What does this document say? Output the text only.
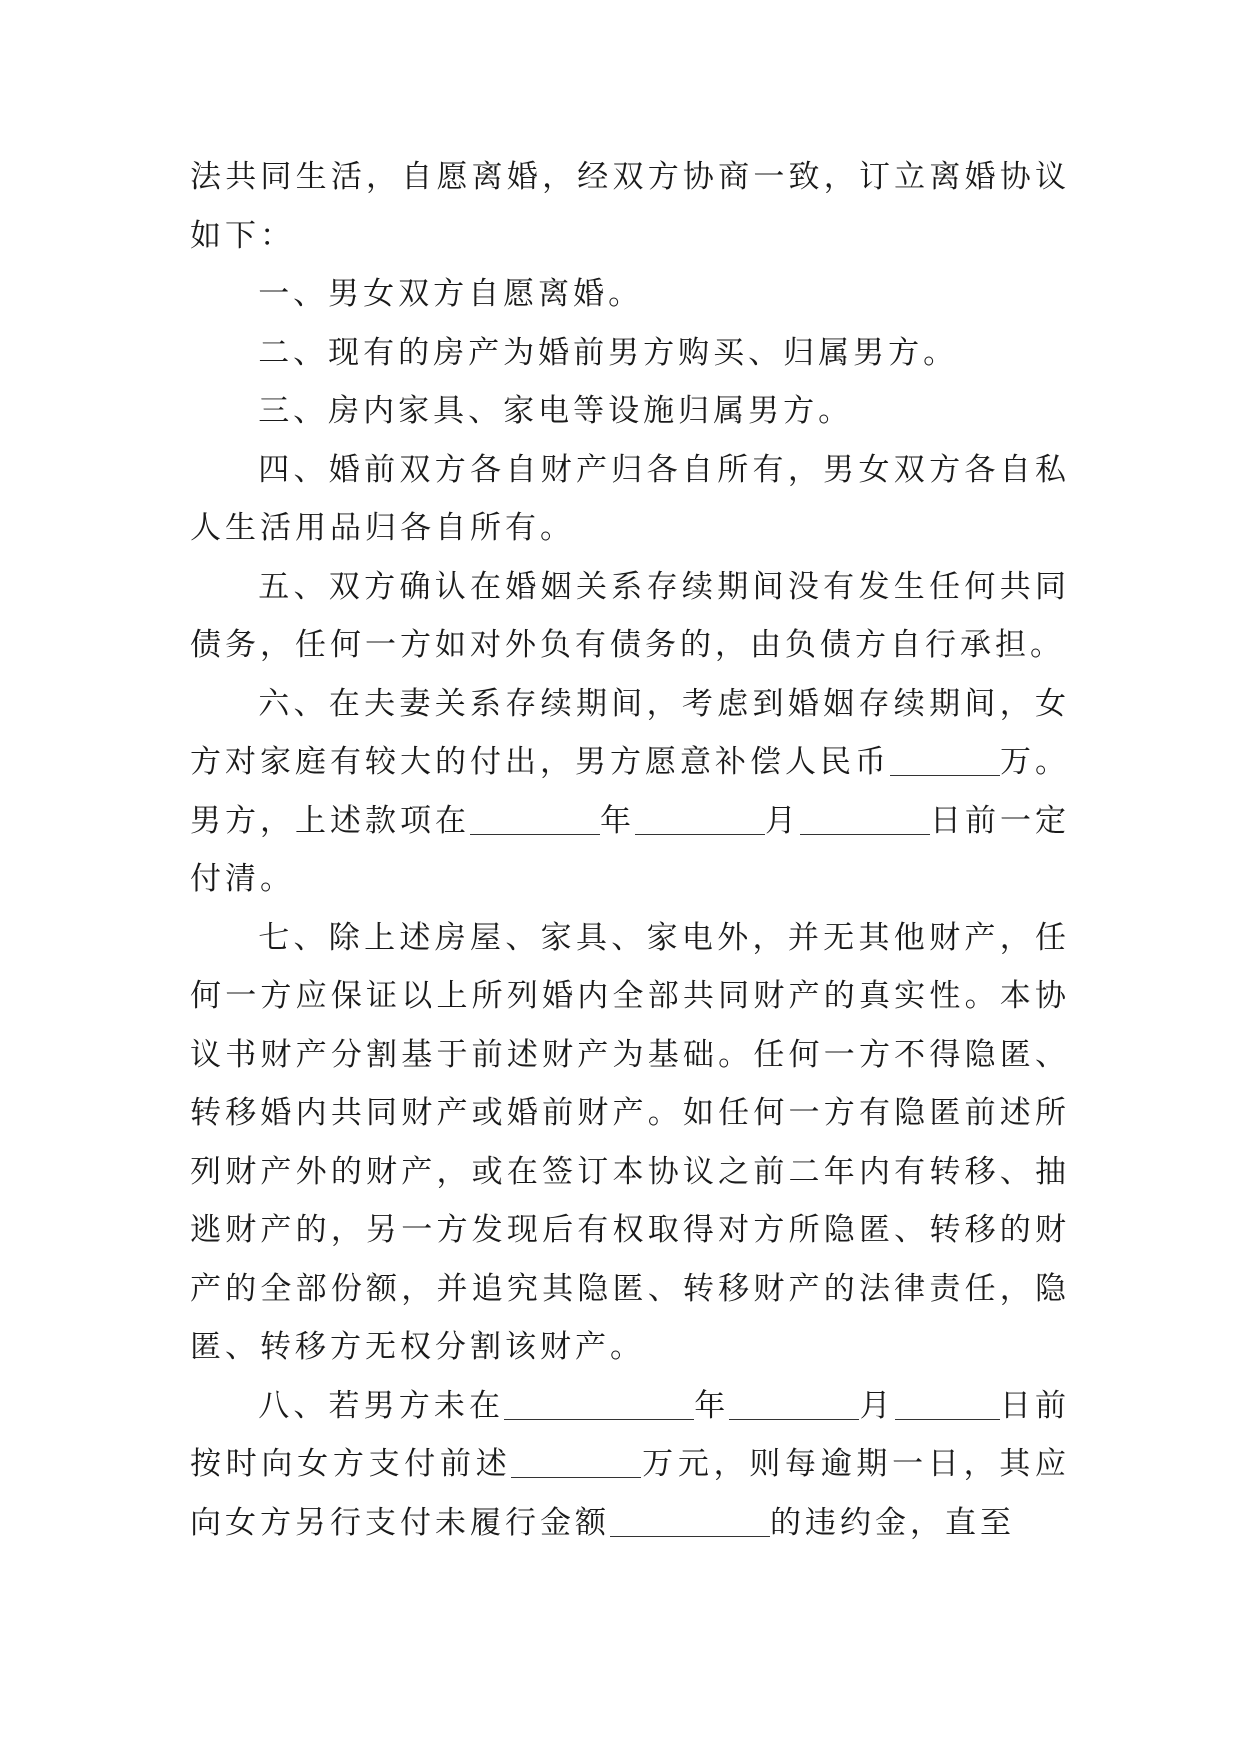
法共同生活，自愿离婚，经双方协商一致，订立离婚协议如下：

一、男女双方自愿离婚。

二、现有的房产为婚前男方购买、归属男方。

三、房内家具、家电等设施归属男方。

四、婚前双方各自财产归各自所有，男女双方各自私人生活用品归各自所有。

五、双方确认在婚姻关系存续期间没有发生任何共同债务，任何一方如对外负有债务的，由负债方自行承担。

六、在夫妻关系存续期间，考虑到婚姻存续期间，女方对家庭有较大的付出，男方愿意补偿人民币	万。男方，上述款项在	年	月	日前一定付清。

七、除上述房屋、家具、家电外，并无其他财产，任何一方应保证以上所列婚内全部共同财产的真实性。本协议书财产分割基于前述财产为基础。任何一方不得隐匿、转移婚内共同财产或婚前财产。如任何一方有隐匿前述所列财产外的财产，或在签订本协议之前二年内有转移、抽逃财产的，另一方发现后有权取得对方所隐匿、转移的财产的全部份额，并追究其隐匿、转移财产的法律责任，隐匿、转移方无权分割该财产。

八、若男方未在	年	月	日前按时向女方支付前述	万元，则每逾期一日，其应向女方另行支付未履行金额	的违约金，直至
